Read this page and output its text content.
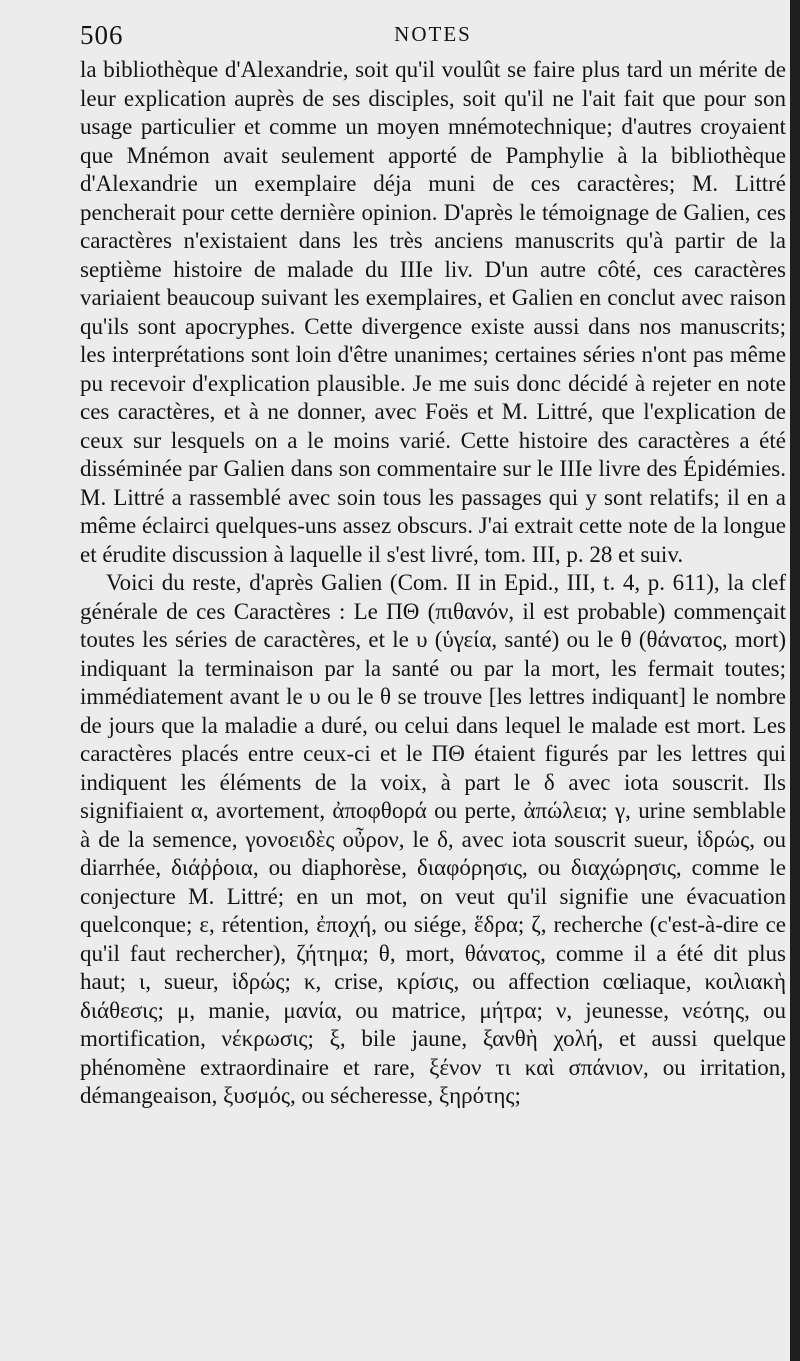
506	NOTES

la bibliothèque d'Alexandrie, soit qu'il voulût se faire plus tard un mérite de leur explication auprès de ses disciples, soit qu'il ne l'ait fait que pour son usage particulier et comme un moyen mnémotechnique; d'autres croyaient que Mnémon avait seulement apporté de Pamphylie à la bibliothèque d'Alexandrie un exemplaire déja muni de ces caractères; M. Littré pencherait pour cette dernière opinion. D'après le témoignage de Galien, ces caractères n'existaient dans les très anciens manuscrits qu'à partir de la septième histoire de malade du IIIe liv. D'un autre côté, ces caractères variaient beaucoup suivant les exemplaires, et Galien en conclut avec raison qu'ils sont apocryphes. Cette divergence existe aussi dans nos manuscrits; les interprétations sont loin d'être unanimes; certaines séries n'ont pas même pu recevoir d'explication plausible. Je me suis donc décidé à rejeter en note ces caractères, et à ne donner, avec Foës et M. Littré, que l'explication de ceux sur lesquels on a le moins varié. Cette histoire des caractères a été disséminée par Galien dans son commentaire sur le IIIe livre des Épidémies. M. Littré a rassemblé avec soin tous les passages qui y sont relatifs; il en a même éclairci quelques-uns assez obscurs. J'ai extrait cette note de la longue et érudite discussion à laquelle il s'est livré, tom. III, p. 28 et suiv.

Voici du reste, d'après Galien (Com. II in Epid., III, t. 4, p. 611), la clef générale de ces Caractères : Le ΠΘ (πιθανόν, il est probable) commençait toutes les séries de caractères, et le υ (ὑγεία, santé) ou le θ (θάνατος, mort) indiquant la terminaison par la santé ou par la mort, les fermait toutes; immédiatement avant le υ ou le θ se trouve [les lettres indiquant] le nombre de jours que la maladie a duré, ou celui dans lequel le malade est mort. Les caractères placés entre ceux-ci et le ΠΘ étaient figurés par les lettres qui indiquent les éléments de la voix, à part le δ avec iota souscrit. Ils signifiaient α, avortement, ἀποφθορά ou perte, ἀπώλεια; γ, urine semblable à de la semence, γονοειδὲς οὖρον, le δ, avec iota souscrit sueur, ἱδρώς, ou diarrhée, διάῤῥοια, ou diaphorèse, διαφόρησις, ou διαχώρησις, comme le conjecture M. Littré; en un mot, on veut qu'il signifie une évacuation quelconque; ε, rétention, ἐποχή, ou siége, ἕδρα; ζ, recherche (c'est-à-dire ce qu'il faut rechercher), ζήτημα; θ, mort, θάνατος, comme il a été dit plus haut; ι, sueur, ἱδρώς; κ, crise, κρίσις, ou affection cœliaque, κοιλιακὴ διάθεσις; μ, manie, μανία, ou matrice, μήτρα; ν, jeunesse, νεότης, ou mortification, νέκρωσις; ξ, bile jaune, ξανθὴ χολή, et aussi quelque phénomène extraordinaire et rare, ξένον τι καὶ σπάνιον, ou irritation, démangeaison, ξυσμός, ou sécheresse, ξηρότης;
